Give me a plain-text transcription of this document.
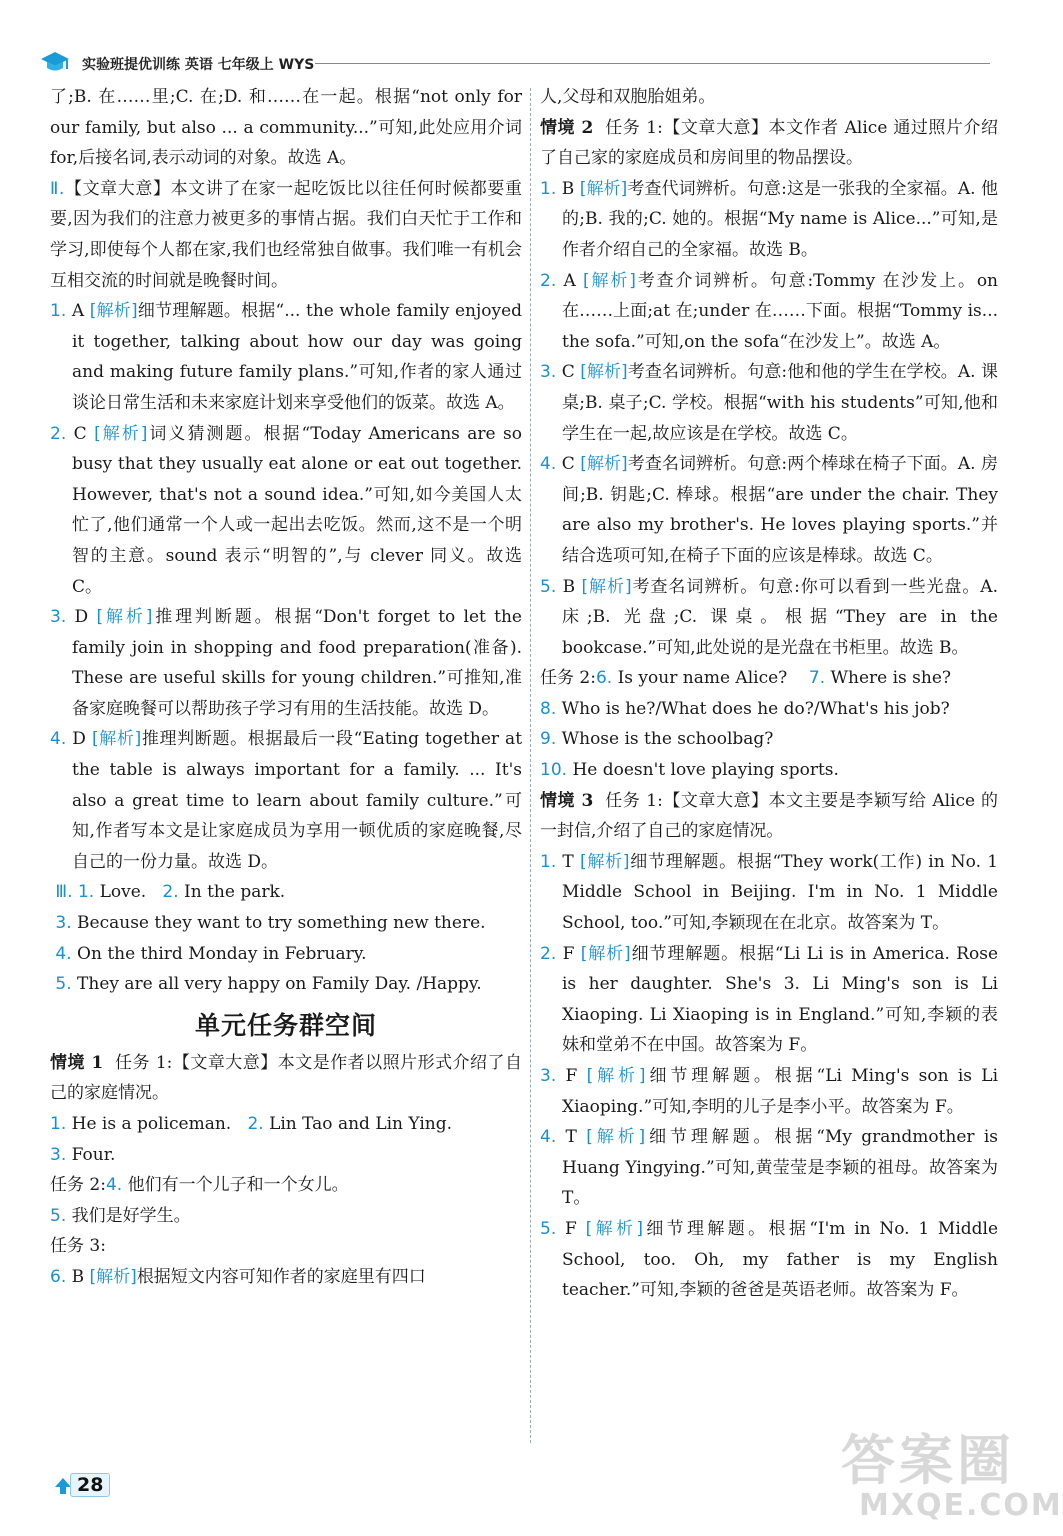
实验班提优训练 英语 七年级上 WYS

了;B. 在……里;C. 在;D. 和……在一起。根据“not only for our family, but also ... a community...”可知,此处应用介词 for,后接名词,表示动词的对象。故选 A。

Ⅱ.【文章大意】本文讲了在家一起吃饭比以往任何时候都要重要,因为我们的注意力被更多的事情占据。我们白天忙于工作和学习,即使每个人都在家,我们也经常独自做事。我们唯一有机会互相交流的时间就是晚餐时间。

1. A [解析]细节理解题。根据“... the whole family enjoyed it together, talking about how our day was going and making future family plans.”可知,作者的家人通过谈论日常生活和未来家庭计划来享受他们的饭菜。故选 A。

2. C [解析]词义猜测题。根据“Today Americans are so busy that they usually eat alone or eat out together. However, that's not a sound idea.”可知,如今美国人太忙了,他们通常一个人或一起出去吃饭。然而,这不是一个明智的主意。sound 表示“明智的”,与 clever 同义。故选 C。

3. D [解析]推理判断题。根据“Don't forget to let the family join in shopping and food preparation(准备). These are useful skills for young children.”可推知,准备家庭晚餐可以帮助孩子学习有用的生活技能。故选 D。

4. D [解析]推理判断题。根据最后一段“Eating together at the table is always important for a family. ... It's also a great time to learn about family culture.”可知,作者写本文是让家庭成员为享用一顿优质的家庭晚餐,尽自己的一份力量。故选 D。

Ⅲ. 1. Love. 2. In the park.

3. Because they want to try something new there.

4. On the third Monday in February.

5. They are all very happy on Family Day. /Happy.

单元任务群空间

情境 1 任务 1:【文章大意】本文是作者以照片形式介绍了自己的家庭情况。

1. He is a policeman. 2. Lin Tao and Lin Ying.

3. Four.

任务 2:4. 他们有一个儿子和一个女儿。

5. 我们是好学生。

任务 3:

6. B [解析]根据短文内容可知作者的家庭里有四口

人,父母和双胞胎姐弟。

情境 2 任务 1:【文章大意】本文作者 Alice 通过照片介绍了自己家的家庭成员和房间里的物品摆设。

1. B [解析]考查代词辨析。句意:这是一张我的全家福。A. 他的;B. 我的;C. 她的。根据“My name is Alice...”可知,是作者介绍自己的全家福。故选 B。

2. A [解析]考查介词辨析。句意:Tommy 在沙发上。on 在……上面;at 在;under 在……下面。根据“Tommy is... the sofa.”可知,on the sofa“在沙发上”。故选 A。

3. C [解析]考查名词辨析。句意:他和他的学生在学校。A. 课桌;B. 桌子;C. 学校。根据“with his students”可知,他和学生在一起,故应该是在学校。故选 C。

4. C [解析]考查名词辨析。句意:两个棒球在椅子下面。A. 房间;B. 钥匙;C. 棒球。根据“are under the chair. They are also my brother's. He loves playing sports.”并结合选项可知,在椅子下面的应该是棒球。故选 C。

5. B [解析]考查名词辨析。句意:你可以看到一些光盘。A. 床;B. 光盘;C. 课桌。根据“They are in the bookcase.”可知,此处说的是光盘在书柜里。故选 B。

任务 2:6. Is your name Alice? 7. Where is she?

8. Who is he?/What does he do?/What's his job?

9. Whose is the schoolbag?

10. He doesn't love playing sports.

情境 3 任务 1:【文章大意】本文主要是李颖写给 Alice 的一封信,介绍了自己的家庭情况。

1. T [解析]细节理解题。根据“They work(工作) in No. 1 Middle School in Beijing. I'm in No. 1 Middle School, too.”可知,李颖现在在北京。故答案为 T。

2. F [解析]细节理解题。根据“Li Li is in America. Rose is her daughter. She's 3. Li Ming's son is Li Xiaoping. Li Xiaoping is in England.”可知,李颖的表妹和堂弟不在中国。故答案为 F。

3. F [解析]细节理解题。根据“Li Ming's son is Li Xiaoping.”可知,李明的儿子是李小平。故答案为 F。

4. T [解析]细节理解题。根据“My grandmother is Huang Yingying.”可知,黄莹莹是李颖的祖母。故答案为 T。

5. F [解析]细节理解题。根据“I'm in No. 1 Middle School, too. Oh, my father is my English teacher.”可知,李颖的爸爸是英语老师。故答案为 F。

28	答案圈
MXQE.COM
